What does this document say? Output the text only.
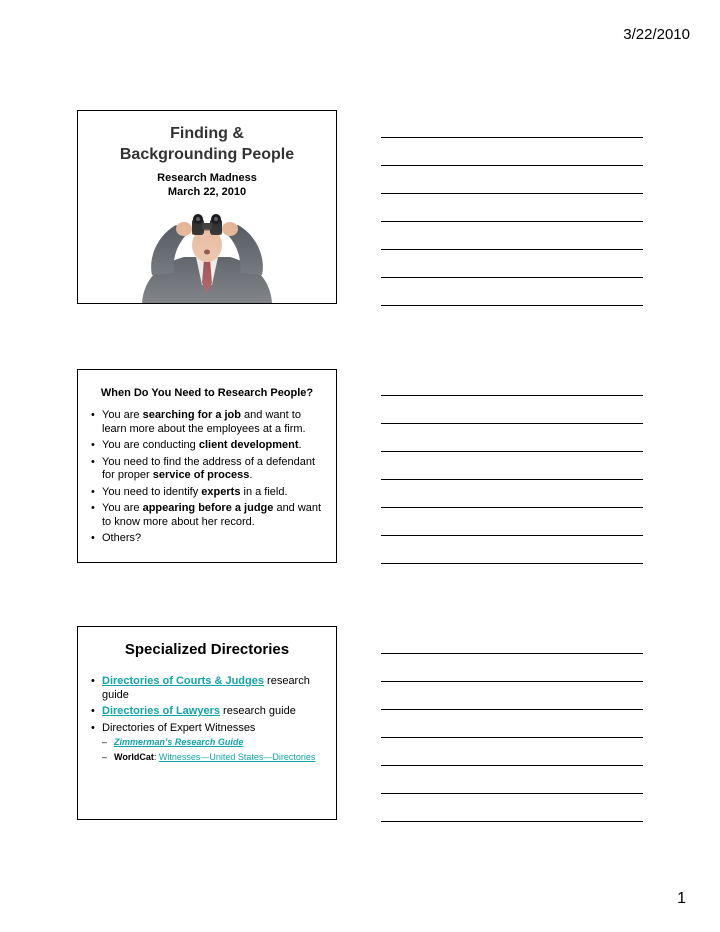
3/22/2010
Finding &
Backgrounding People
Research Madness
March 22, 2010
When Do You Need to Research People?
• You are searching for a job and want to learn more about the employees at a firm.
• You are conducting client development.
• You need to find the address of a defendant for proper service of process.
• You need to identify experts in a field.
• You are appearing before a judge and want to know more about her record.
• Others?
Specialized Directories
• Directories of Courts & Judges research guide
• Directories of Lawyers research guide
• Directories of Expert Witnesses
– Zimmerman’s Research Guide
– WorldCat: Witnesses—United States—Directories
1
